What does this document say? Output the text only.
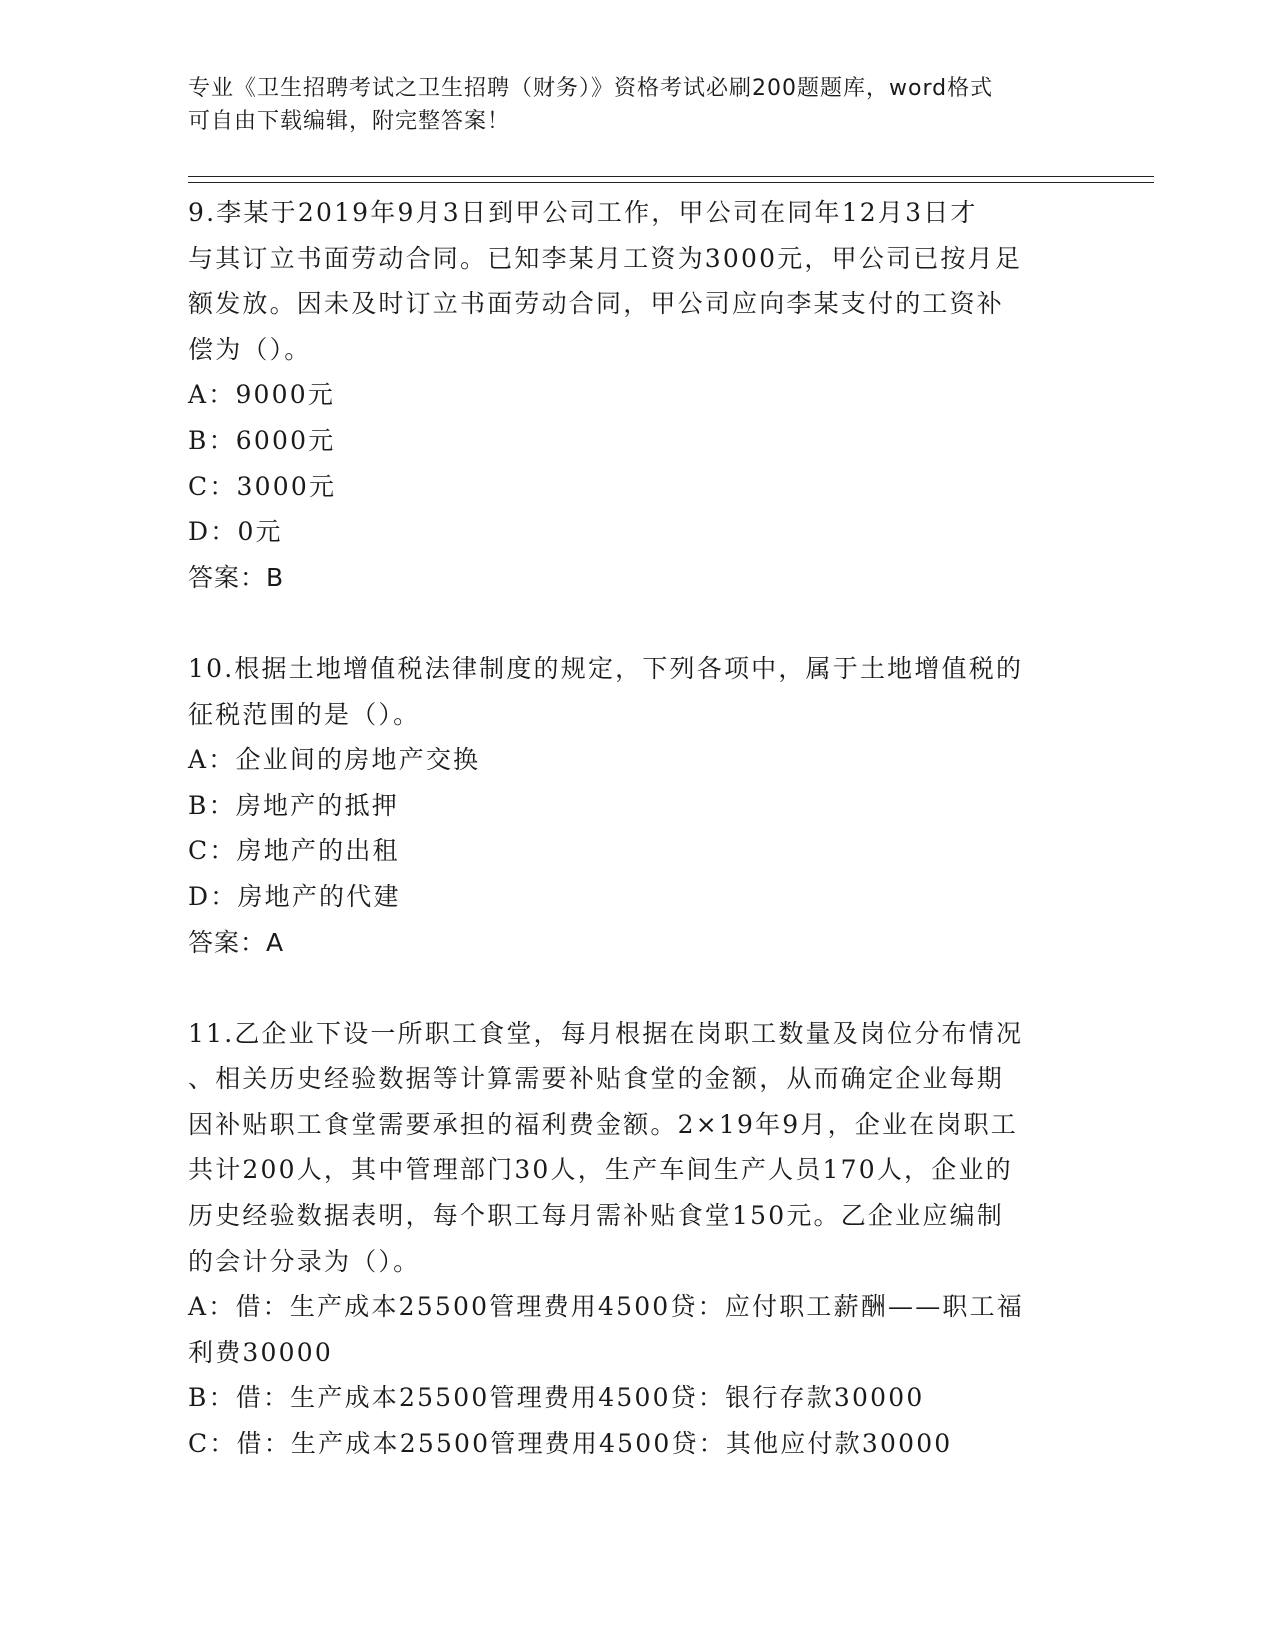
专业《卫生招聘考试之卫生招聘（财务）》资格考试必刷200题题库，word格式
可自由下载编辑，附完整答案！
9.李某于2019年9月3日到甲公司工作，甲公司在同年12月3日才
与其订立书面劳动合同。已知李某月工资为3000元，甲公司已按月足
额发放。因未及时订立书面劳动合同，甲公司应向李某支付的工资补
偿为（）。
A：9000元
B：6000元
C：3000元
D：0元
答案：B
10.根据土地增值税法律制度的规定，下列各项中，属于土地增值税的
征税范围的是（）。
A：企业间的房地产交换
B：房地产的抵押
C：房地产的出租
D：房地产的代建
答案：A
11.乙企业下设一所职工食堂，每月根据在岗职工数量及岗位分布情况
、相关历史经验数据等计算需要补贴食堂的金额，从而确定企业每期
因补贴职工食堂需要承担的福利费金额。2×19年9月，企业在岗职工
共计200人，其中管理部门30人，生产车间生产人员170人，企业的
历史经验数据表明，每个职工每月需补贴食堂150元。乙企业应编制
的会计分录为（）。
A：借：生产成本25500管理费用4500贷：应付职工薪酬——职工福
利费30000
B：借：生产成本25500管理费用4500贷：银行存款30000
C：借：生产成本25500管理费用4500贷：其他应付款30000
